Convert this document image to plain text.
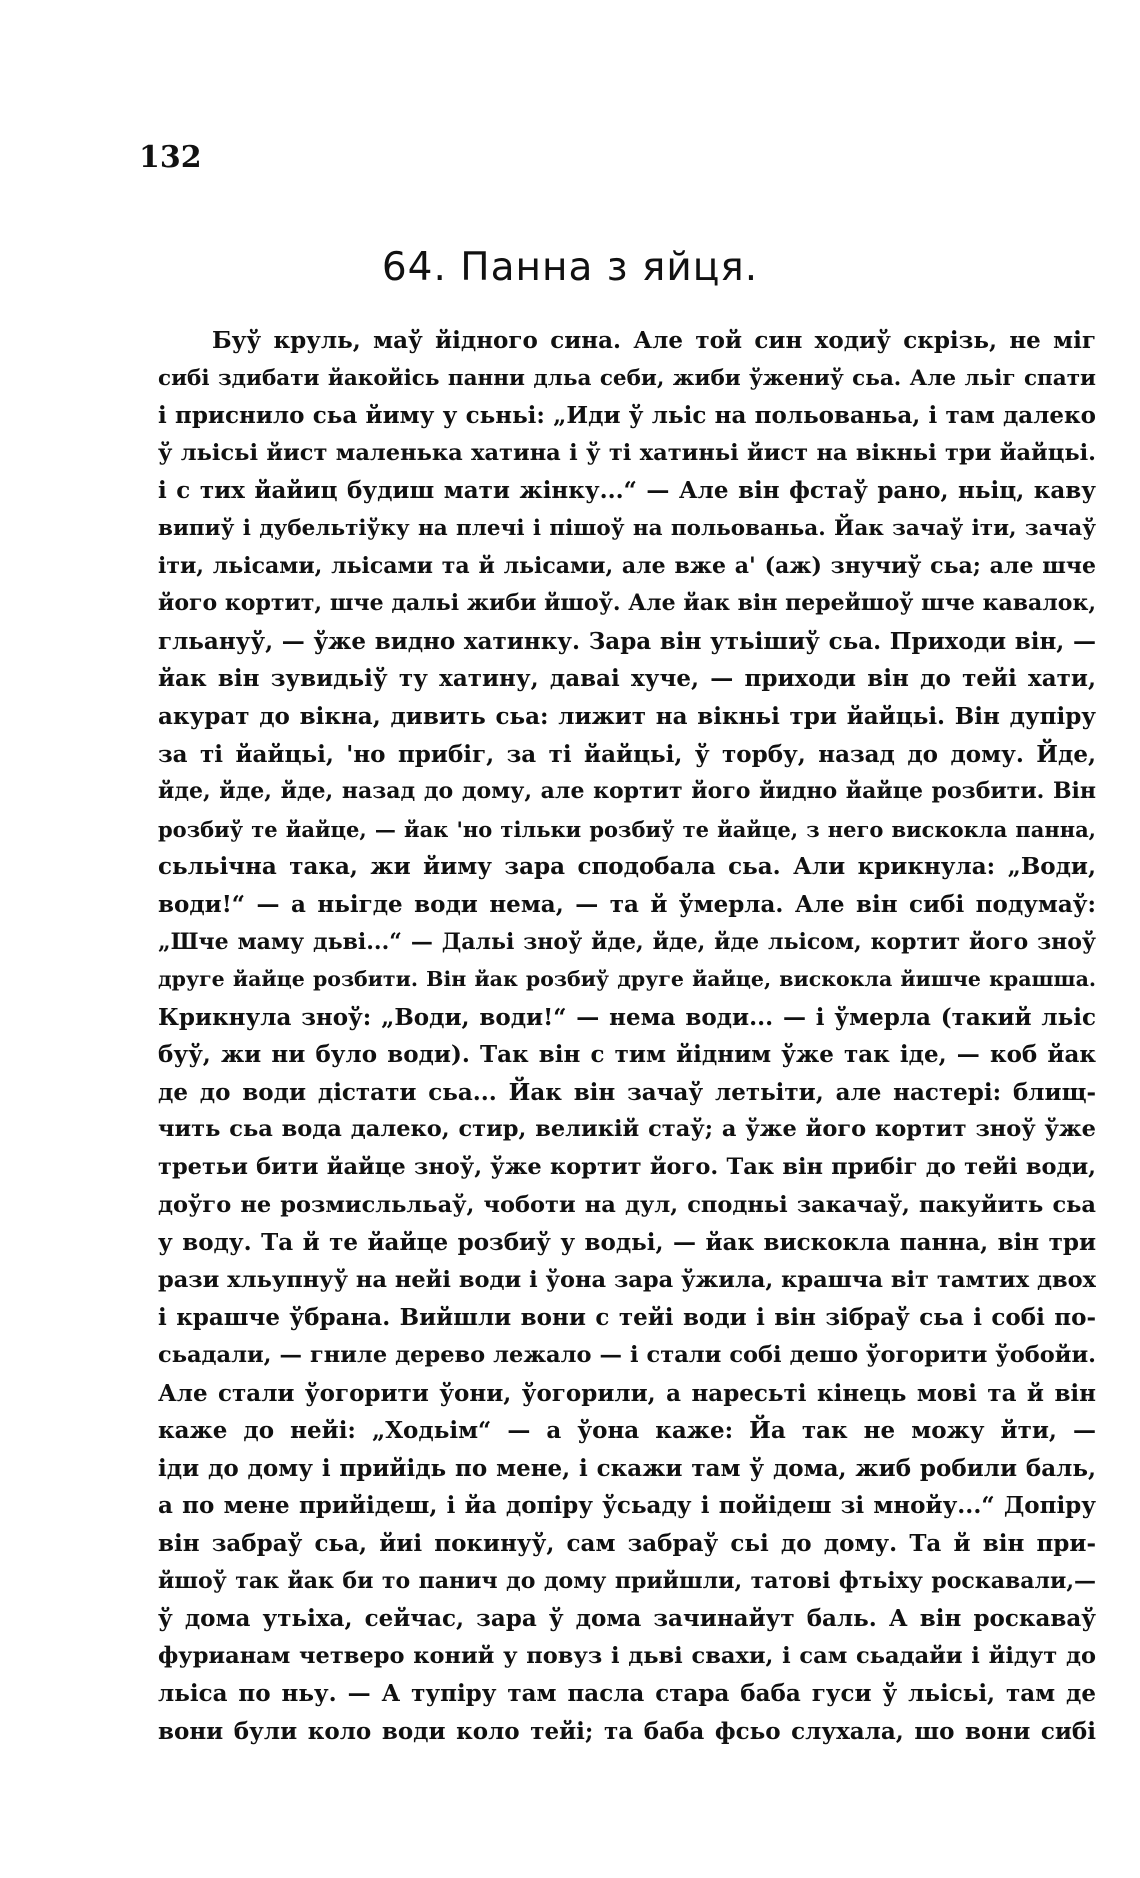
132
64. Панна з яйця.
Буў круль, маў йідного сина. Але той син ходиў скрізь, не міг
сибі здибати йакойісь панни дльа себи, жиби ўжениў сьа. Але льіг спати
і приснило сьа йиму у сьньі: „Иди ў льіс на польованьа, і там далеко
ў льісьі йист маленька хатина і ў ті хатиньі йист на вікньі три йайцьі.
і с тих йайиц будиш мати жінку...“ — Але він фстаў рано, ньіц, каву
випиў і дубельтіўку на плечі і пішоў на польованьа. Йак зачаў іти, зачаў
іти, льісами, льісами та й льісами, але вже а' (аж) знучиў сьа; але шче
його кортит, шче дальі жиби йшоў. Але йак він перейшоў шче кавалок,
гльануў, — ўже видно хатинку. Зара він утьішиў сьа. Приходи він, —
йак він зувидьіў ту хатину, даваі хуче, — приходи він до тейі хати,
акурат до вікна, дивить сьа: лижит на вікньі три йайцьі. Він дупіру
за ті йайцьі, 'но прибіг, за ті йайцьі, ў торбу, назад до дому. Йде,
йде, йде, йде, назад до дому, але кортит його йидно йайце розбити. Він
розбиў те йайце, — йак 'но тільки розбиў те йайце, з него вискокла панна,
сьльічна така, жи йиму зара сподобала сьа. Али крикнула: „Води,
води!“ — а ньігде води нема, — та й ўмерла. Але він сибі подумаў:
„Шче маму дьві...“ — Дальі зноў йде, йде, йде льісом, кортит його зноў
друге йайце розбити. Він йак розбиў друге йайце, вискокла йишче крашша.
Крикнула зноў: „Води, води!“ — нема води... — і ўмерла (такий льіс
буў, жи ни було води). Так він с тим йідним ўже так іде, — коб йак
де до води дістати сьа... Йак він зачаў летьіти, але настері: блищ-
чить сьа вода далеко, стир, великій стаў; а ўже його кортит зноў ўже
третьи бити йайце зноў, ўже кортит його. Так він прибіг до тейі води,
доўго не розмисльльаў, чоботи на дул, сподньі закачаў, пакуйить сьа
у воду. Та й те йайце розбиў у водьі, — йак вискокла панна, він три
рази хльупнуў на нейі води і ўона зара ўжила, крашча віт тамтих двох
і крашче ўбрана. Вийшли вони с тейі води і він зібраў сьа і собі по-
сьадали, — гниле дерево лежало — і стали собі дешо ўогорити ўобойи.
Але стали ўогорити ўони, ўогорили, а наресьті кінець мові та й він
каже до нейі: „Ходьім“ — а ўона каже: Йа так не можу йти, —
іди до дому і прийідь по мене, і скажи там ў дома, жиб робили баль,
а по мене прийідеш, і йа допіру ўсьаду і пойідеш зі мнойу...“ Допіру
він забраў сьа, йиі покинуў, сам забраў сьі до дому. Та й він при-
йшоў так йак би то панич до дому прийшли, татові фтьіху роскавали,—
ў дома утьіха, сейчас, зара ў дома зачинайут баль. А він роскаваў
фурианам четверо коний у повуз і дьві свахи, і сам сьадайи і йідут до
льіса по ньу. — А тупіру там пасла стара баба гуси ў льісьі, там де
вони були коло води коло тейі; та баба фсьо слухала, шо вони сибі
